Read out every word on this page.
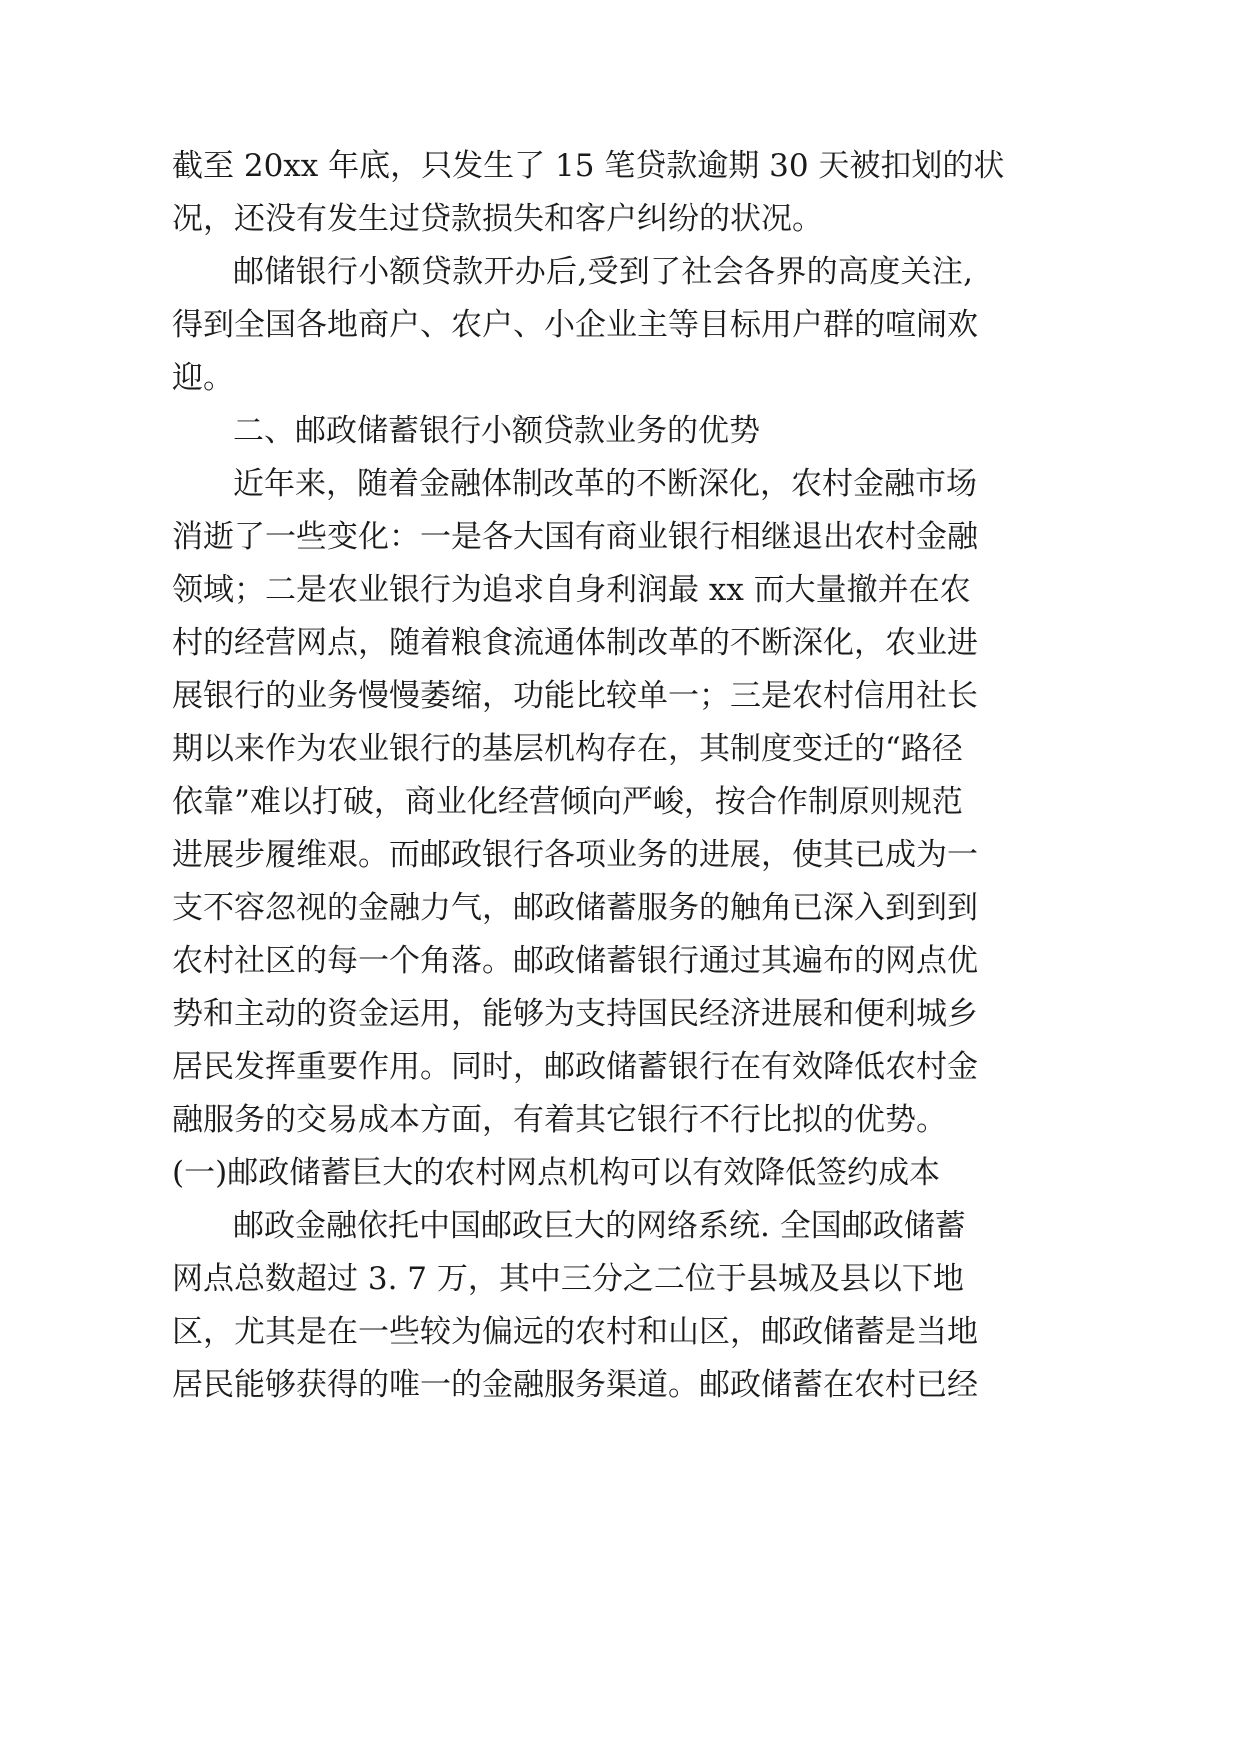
截至 20xx 年底，只发生了 15 笔贷款逾期 30 天被扣划的状
况，还没有发生过贷款损失和客户纠纷的状况。
邮储银行小额贷款开办后,受到了社会各界的高度关注,
得到全国各地商户、农户、小企业主等目标用户群的喧闹欢
迎。
二、邮政储蓄银行小额贷款业务的优势
近年来，随着金融体制改革的不断深化，农村金融市场
消逝了一些变化：一是各大国有商业银行相继退出农村金融
领域；二是农业银行为追求自身利润最 xx 而大量撤并在农
村的经营网点，随着粮食流通体制改革的不断深化，农业进
展银行的业务慢慢萎缩，功能比较单一；三是农村信用社长
期以来作为农业银行的基层机构存在，其制度变迁的“路径
依靠”难以打破，商业化经营倾向严峻，按合作制原则规范
进展步履维艰。而邮政银行各项业务的进展，使其已成为一
支不容忽视的金融力气，邮政储蓄服务的触角已深入到到到
农村社区的每一个角落。邮政储蓄银行通过其遍布的网点优
势和主动的资金运用，能够为支持国民经济进展和便利城乡
居民发挥重要作用。同时，邮政储蓄银行在有效降低农村金
融服务的交易成本方面，有着其它银行不行比拟的优势。
(一)邮政储蓄巨大的农村网点机构可以有效降低签约成本
邮政金融依托中国邮政巨大的网络系统. 全国邮政储蓄
网点总数超过 3. 7 万，其中三分之二位于县城及县以下地
区，尤其是在一些较为偏远的农村和山区，邮政储蓄是当地
居民能够获得的唯一的金融服务渠道。邮政储蓄在农村已经
